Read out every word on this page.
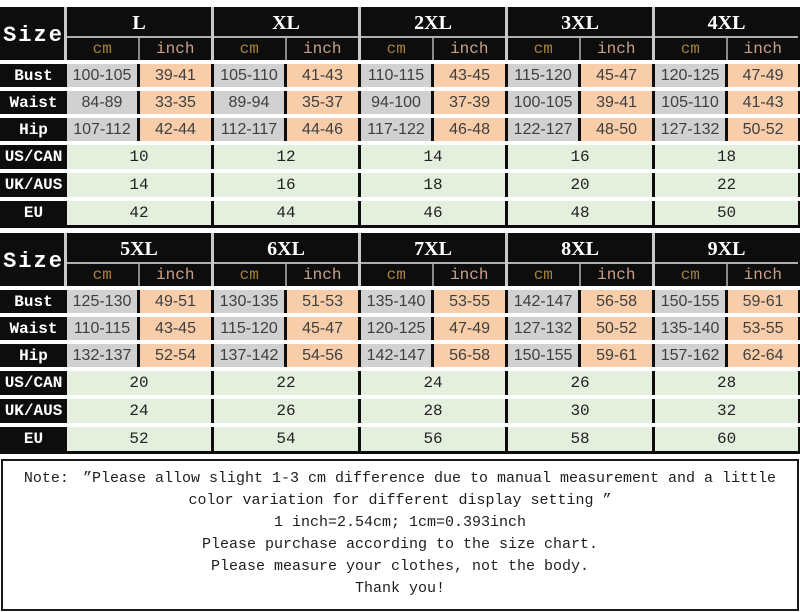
Size	L		XL		2XL		3XL		4XL	
	cm	inch	cm	inch	cm	inch	cm	inch	cm	inch
Bust	100-105	39-41	105-110	41-43	110-115	43-45	115-120	45-47	120-125	47-49
Waist	84-89	33-35	89-94	35-37	94-100	37-39	100-105	39-41	105-110	41-43
Hip	107-112	42-44	112-117	44-46	117-122	46-48	122-127	48-50	127-132	50-52
US/CAN	10		12		14		16		18	
UK/AUS	14		16		18		20		22	
EU	42		44		46		48		50	
Size	5XL		6XL		7XL		8XL		9XL	
	cm	inch	cm	inch	cm	inch	cm	inch	cm	inch
Bust	125-130	49-51	130-135	51-53	135-140	53-55	142-147	56-58	150-155	59-61
Waist	110-115	43-45	115-120	45-47	120-125	47-49	127-132	50-52	135-140	53-55
Hip	132-137	52-54	137-142	54-56	142-147	56-58	150-155	59-61	157-162	62-64
US/CAN	20		22		24		26		28	
UK/AUS	24		26		28		30		32	
EU	52		54		56		58		60	
Note: ”Please allow slight 1-3 cm difference due to manual measurement and a little
color variation for different display setting ”
1 inch=2.54cm; 1cm=0.393inch
Please purchase according to the size chart.
Please measure your clothes, not the body.
Thank you!
